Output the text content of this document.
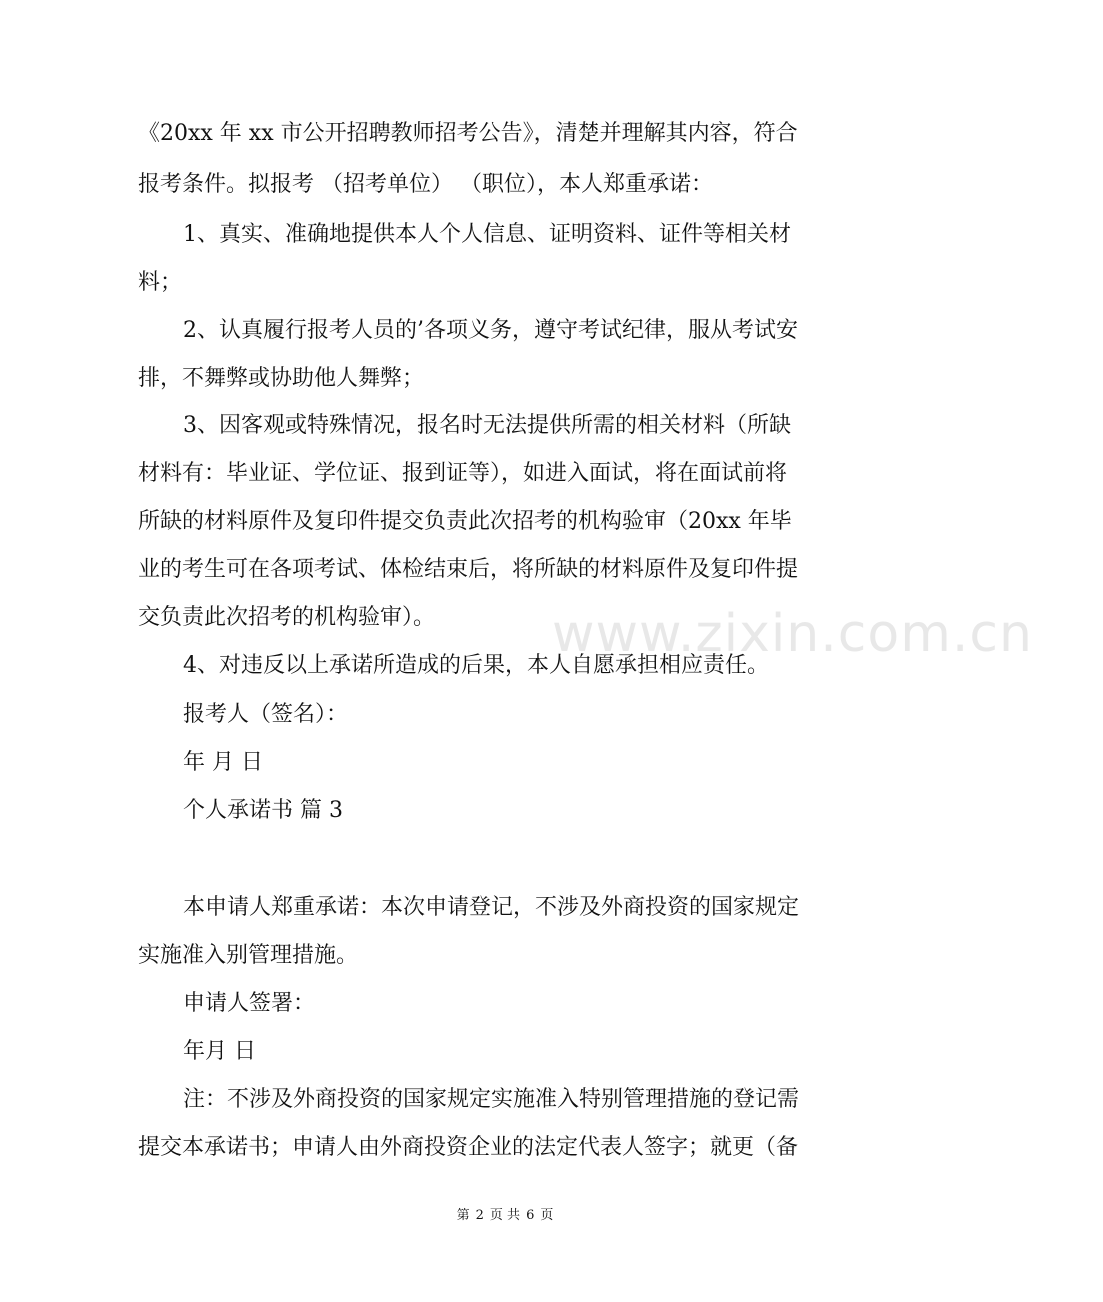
《20xx 年 xx 市公开招聘教师招考公告》，清楚并理解其内容，符合
报考条件。拟报考 （招考单位） （职位），本人郑重承诺：
1、真实、准确地提供本人个人信息、证明资料、证件等相关材
料；
2、认真履行报考人员的’各项义务，遵守考试纪律，服从考试安
排，不舞弊或协助他人舞弊；
3、因客观或特殊情况，报名时无法提供所需的相关材料（所缺
材料有：毕业证、学位证、报到证等），如进入面试，将在面试前将
所缺的材料原件及复印件提交负责此次招考的机构验审（20xx 年毕
业的考生可在各项考试、体检结束后，将所缺的材料原件及复印件提
交负责此次招考的机构验审）。
4、对违反以上承诺所造成的后果，本人自愿承担相应责任。
报考人（签名）：
年 月 日
个人承诺书 篇 3
本申请人郑重承诺：本次申请登记，不涉及外商投资的国家规定
实施准入别管理措施。
申请人签署：
年月 日
注：不涉及外商投资的国家规定实施准入特别管理措施的登记需
提交本承诺书；申请人由外商投资企业的法定代表人签字；就更（备
www.zixin.com.cn
第 2 页 共 6 页
